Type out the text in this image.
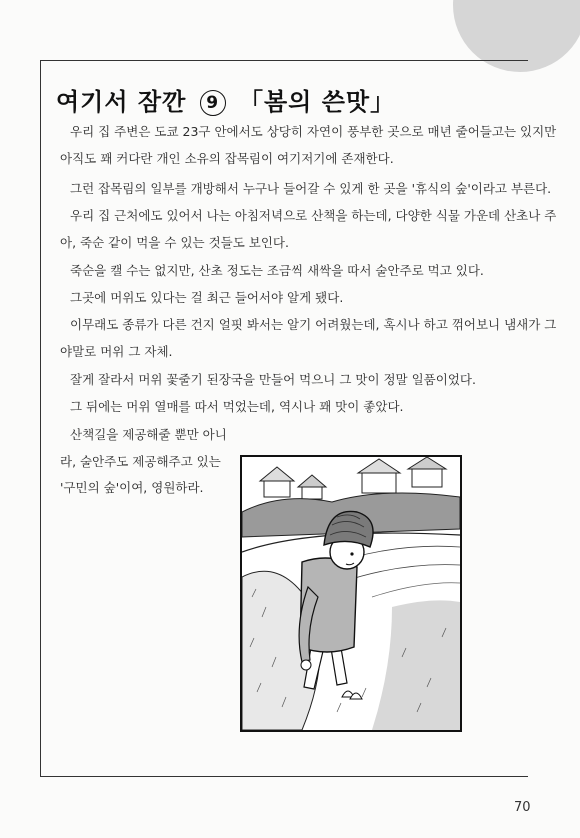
여기서 잠깐 9 「봄의 쓴맛」
우리 집 주변은 도쿄 23구 안에서도 상당히 자연이 풍부한 곳으로 매년 줄어들고는 있지만
아직도 꽤 커다란 개인 소유의 잡목림이 여기저기에 존재한다.
그런 잡목림의 일부를 개방해서 누구나 들어갈 수 있게 한 곳을 '휴식의 숲'이라고 부른다.
우리 집 근처에도 있어서 나는 아침저녁으로 산책을 하는데, 다양한 식물 가운데 산초나 주
아, 죽순 같이 먹을 수 있는 것들도 보인다.
죽순을 캘 수는 없지만, 산초 정도는 조금씩 새싹을 따서 술안주로 먹고 있다.
그곳에 머위도 있다는 걸 최근 들어서야 알게 됐다.
이무래도 종류가 다른 건지 얼핏 봐서는 알기 어려웠는데, 혹시나 하고 꺾어보니 냄새가 그
야말로 머위 그 자체.
잘게 잘라서 머위 꽃줄기 된장국을 만들어 먹으니 그 맛이 정말 일품이었다.
그 뒤에는 머위 열매를 따서 먹었는데, 역시나 꽤 맛이 좋았다.
산책길을 제공해줄 뿐만 아니
라, 술안주도 제공해주고 있는
'구민의 숲'이여, 영원하라.
70
